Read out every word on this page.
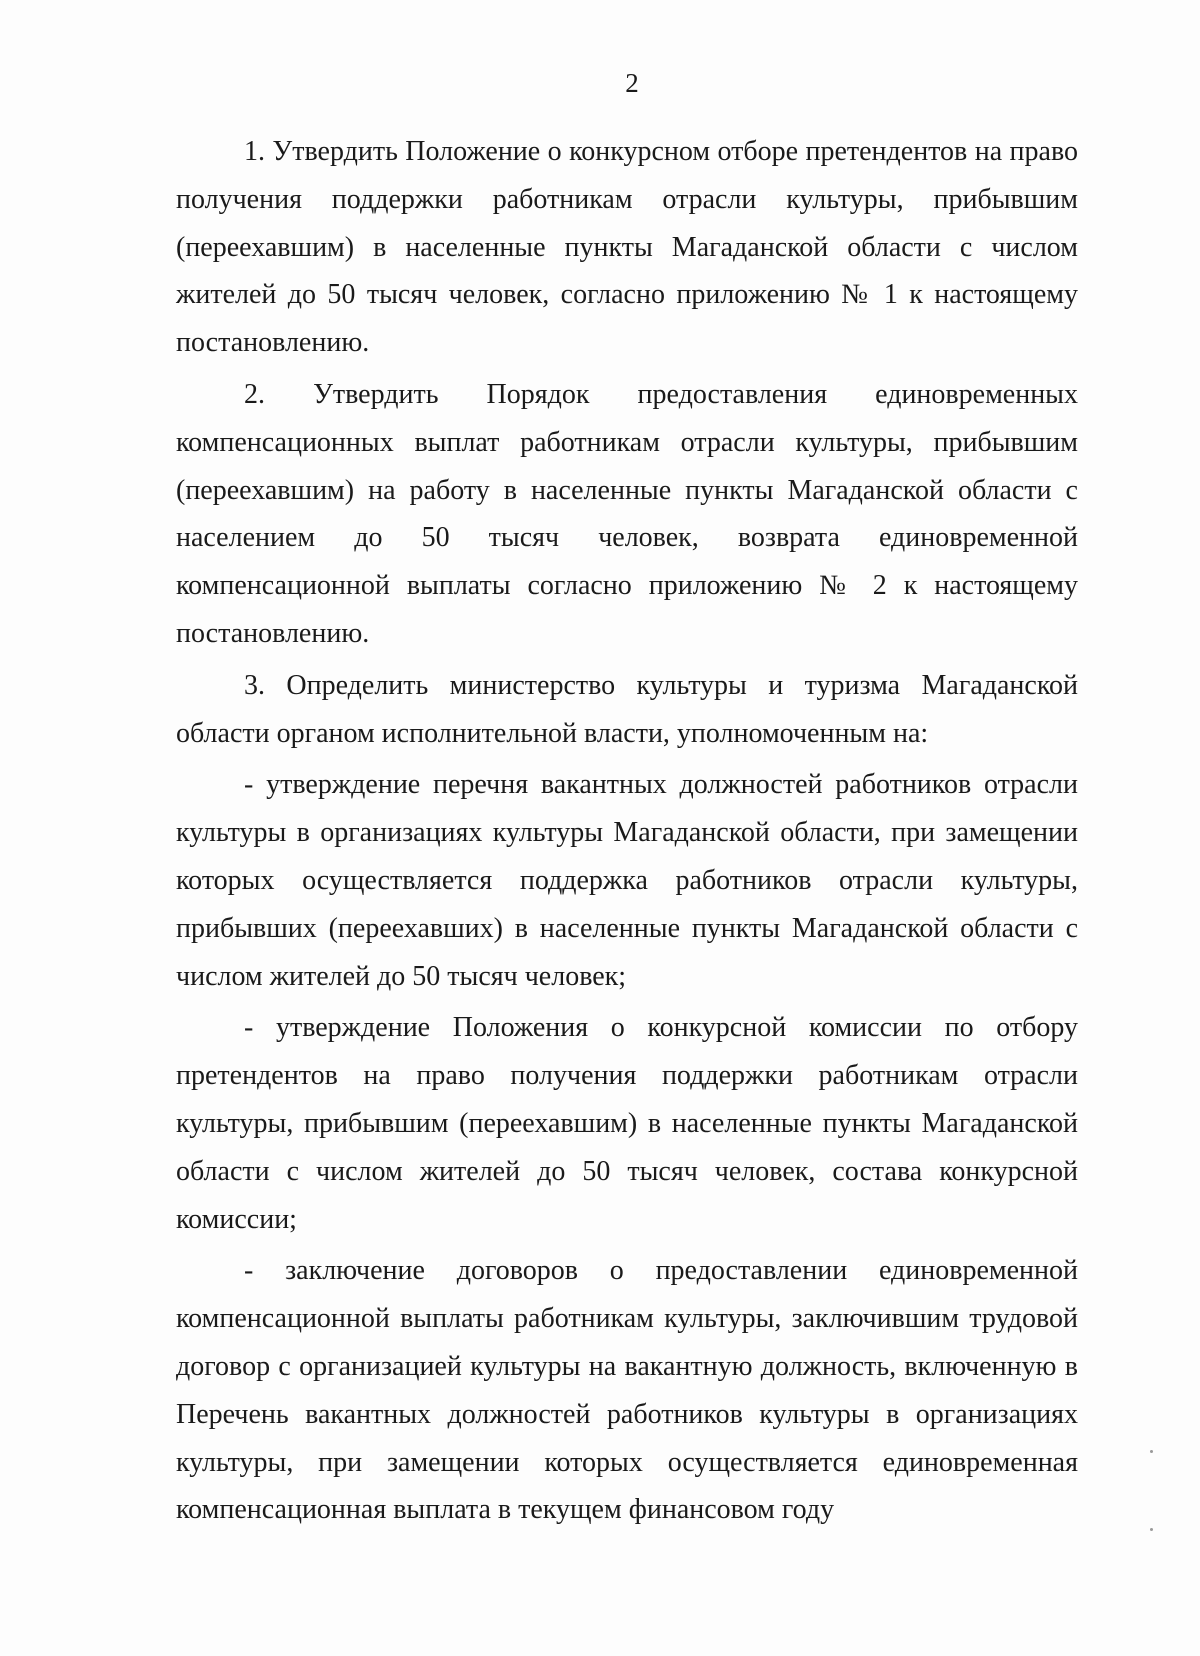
2

1. Утвердить Положение о конкурсном отборе претендентов на право получения поддержки работникам отрасли культуры, прибывшим (переехавшим) в населенные пункты Магаданской области с числом жителей до 50 тысяч человек, согласно приложению № 1 к настоящему постановлению.

2. Утвердить Порядок предоставления единовременных компенсационных выплат работникам отрасли культуры, прибывшим (переехавшим) на работу в населенные пункты Магаданской области с населением до 50 тысяч человек, возврата единовременной компенсационной выплаты согласно приложению № 2 к настоящему постановлению.

3. Определить министерство культуры и туризма Магаданской области органом исполнительной власти, уполномоченным на:

- утверждение перечня вакантных должностей работников отрасли культуры в организациях культуры Магаданской области, при замещении которых осуществляется поддержка работников отрасли культуры, прибывших (переехавших) в населенные пункты Магаданской области с числом жителей до 50 тысяч человек;

- утверждение Положения о конкурсной комиссии по отбору претендентов на право получения поддержки работникам отрасли культуры, прибывшим (переехавшим) в населенные пункты Магаданской области с числом жителей до 50 тысяч человек, состава конкурсной комиссии;

- заключение договоров о предоставлении единовременной компенсационной выплаты работникам культуры, заключившим трудовой договор с организацией культуры на вакантную должность, включенную в Перечень вакантных должностей работников культуры в организациях культуры, при замещении которых осуществляется единовременная компенсационная выплата в текущем финансовом году
